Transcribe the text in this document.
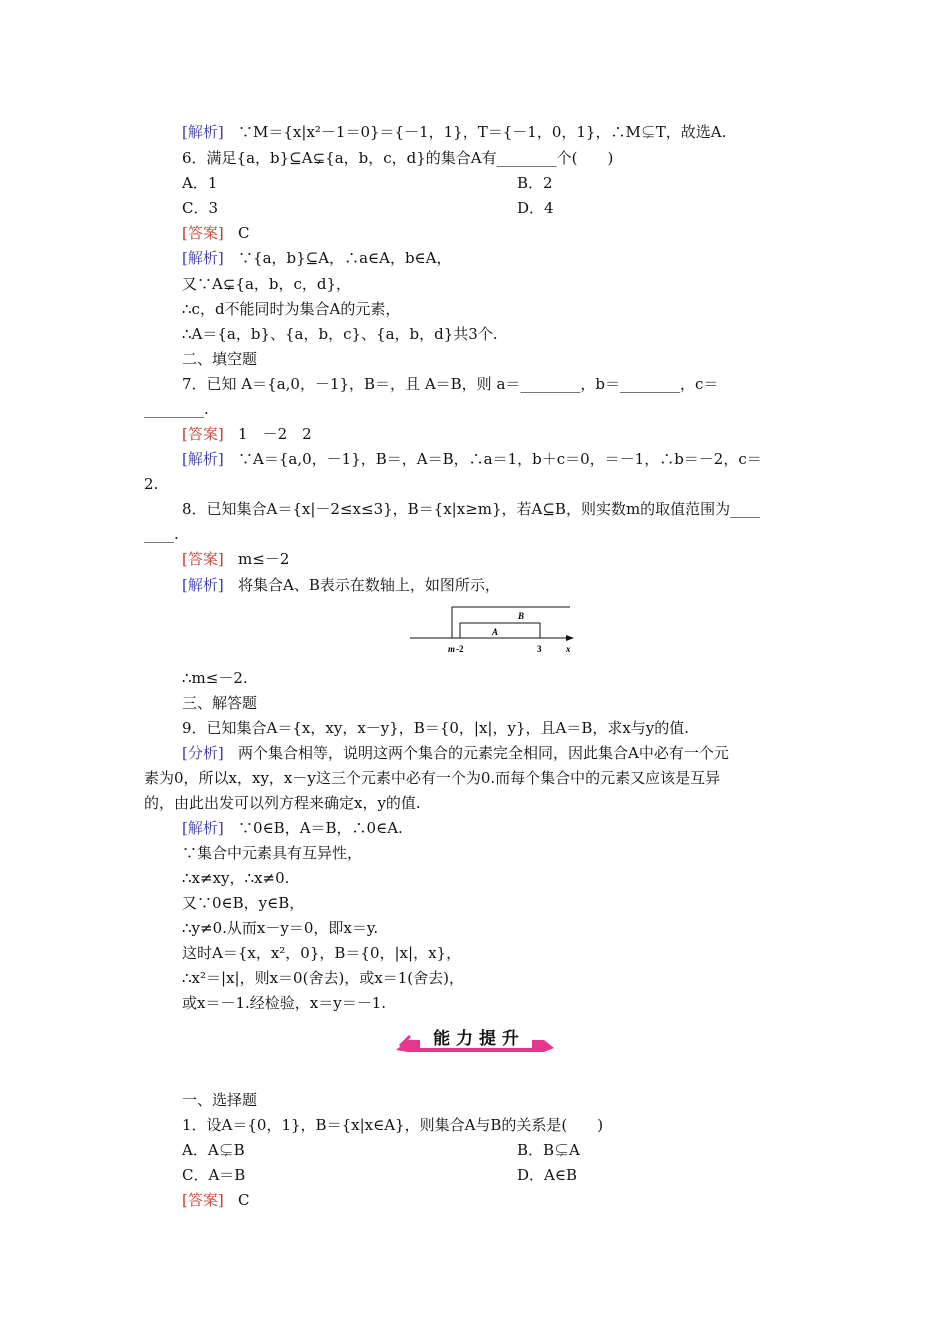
[解析] ∵M＝{x|x²－1＝0}＝{－1，1}，T＝{－1，0，1}，∴M⊊T，故选A.
6．满足{a，b}⊆A⊊{a，b，c，d}的集合A有________个(　　)
A．1	B．2
C．3	D．4
[答案] C
[解析] ∵{a，b}⊆A，∴a∈A，b∈A，
又∵A⊊{a，b，c，d}，
∴c，d不能同时为集合A的元素，
∴A＝{a，b}、{a，b，c}、{a，b，d}共3个.
二、填空题
7．已知 A＝{a,0，－1}，B＝，且 A＝B，则 a＝________，b＝________，c＝
________.
[答案] 1　－2　2
[解析] ∵A＝{a,0，－1}，B＝，A＝B，∴a＝1，b＋c＝0，＝－1，∴b＝－2，c＝
2.
8．已知集合A＝{x|－2≤x≤3}，B＝{x|x≥m}，若A⊆B，则实数m的取值范围为____
____.
[答案] m≤－2
[解析] 将集合A、B表示在数轴上，如图所示，
B
A
m -2	3	x
∴m≤－2.
三、解答题
9．已知集合A＝{x，xy，x－y}，B＝{0，|x|，y}，且A＝B，求x与y的值.
[分析] 两个集合相等，说明这两个集合的元素完全相同，因此集合A中必有一个元
素为0，所以x，xy，x－y这三个元素中必有一个为0.而每个集合中的元素又应该是互异
的，由此出发可以列方程来确定x，y的值.
[解析] ∵0∈B，A＝B，∴0∈A.
∵集合中元素具有互异性，
∴x≠xy，∴x≠0.
又∵0∈B，y∈B，
∴y≠0.从而x－y＝0，即x＝y.
这时A＝{x，x²，0}，B＝{0，|x|，x}，
∴x²＝|x|，则x＝0(舍去)，或x＝1(舍去)，
或x＝－1.经检验，x＝y＝－1.
能 力 提 升
一、选择题
1．设A＝{0，1}，B＝{x|x∈A}，则集合A与B的关系是(　　)
A．A⊊B	B．B⊊A
C．A＝B	D．A∈B
[答案] C
